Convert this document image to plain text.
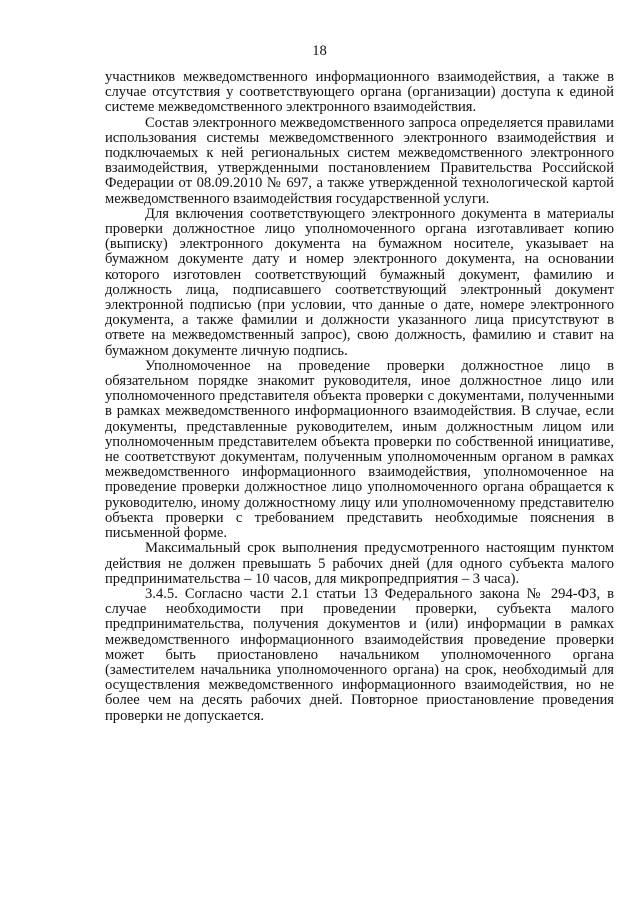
18

участников межведомственного информационного взаимодействия, а также в случае отсутствия у соответствующего органа (организации) доступа к единой системе межведомственного электронного взаимодействия.

Состав электронного межведомственного запроса определяется правилами использования системы межведомственного электронного взаимодействия и подключаемых к ней региональных систем межведомственного электронного взаимодействия, утвержденными постановлением Правительства Российской Федерации от 08.09.2010 № 697, а также утвержденной технологической картой межведомственного взаимодействия государственной услуги.

Для включения соответствующего электронного документа в материалы проверки должностное лицо уполномоченного органа изготавливает копию (выписку) электронного документа на бумажном носителе, указывает на бумажном документе дату и номер электронного документа, на основании которого изготовлен соответствующий бумажный документ, фамилию и должность лица, подписавшего соответствующий электронный документ электронной подписью (при условии, что данные о дате, номере электронного документа, а также фамилии и должности указанного лица присутствуют в ответе на межведомственный запрос), свою должность, фамилию и ставит на бумажном документе личную подпись.

Уполномоченное на проведение проверки должностное лицо в обязательном порядке знакомит руководителя, иное должностное лицо или уполномоченного представителя объекта проверки с документами, полученными в рамках межведомственного информационного взаимодействия. В случае, если документы, представленные руководителем, иным должностным лицом или уполномоченным представителем объекта проверки по собственной инициативе, не соответствуют документам, полученным уполномоченным органом в рамках межведомственного информационного взаимодействия, уполномоченное на проведение проверки должностное лицо уполномоченного органа обращается к руководителю, иному должностному лицу или уполномоченному представителю объекта проверки с требованием представить необходимые пояснения в письменной форме.

Максимальный срок выполнения предусмотренного настоящим пунктом действия не должен превышать 5 рабочих дней (для одного субъекта малого предпринимательства – 10 часов, для микропредприятия – 3 часа).

3.4.5. Согласно части 2.1 статьи 13 Федерального закона № 294-ФЗ, в случае необходимости при проведении проверки, субъекта малого предпринимательства, получения документов и (или) информации в рамках межведомственного информационного взаимодействия проведение проверки может быть приостановлено начальником уполномоченного органа (заместителем начальника уполномоченного органа) на срок, необходимый для осуществления межведомственного информационного взаимодействия, но не более чем на десять рабочих дней. Повторное приостановление проведения проверки не допускается.
